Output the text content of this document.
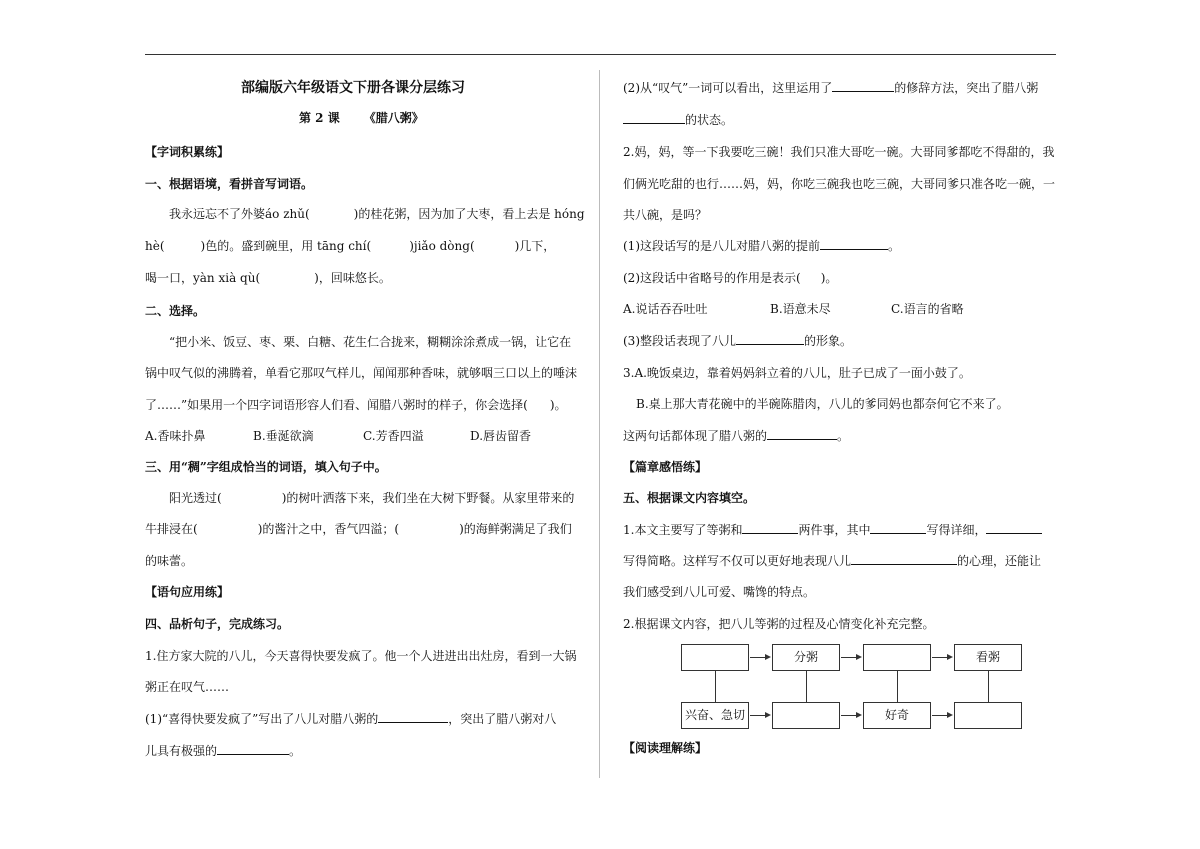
部编版六年级语文下册各课分层练习
第 2 课 《腊八粥》
【字词积累练】
一、根据语境，看拼音写词语。
我永远忘不了外婆áo zhǔ(	)的桂花粥，因为加了大枣，看上去是 hóng
hè(	)色的。盛到碗里，用 tāng chí(	)jiǎo dòng(	)几下，
喝一口，yàn xià qù(	)，回味悠长。
二、选择。
“把小米、饭豆、枣、栗、白糖、花生仁合拢来，糊糊涂涂煮成一锅，让它在
锅中叹气似的沸腾着，单看它那叹气样儿，闻闻那种香味，就够咽三口以上的唾沫
了……”如果用一个四字词语形容人们看、闻腊八粥时的样子，你会选择( )。
A.香味扑鼻	B.垂涎欲滴	C.芳香四溢	D.唇齿留香
三、用“稠”字组成恰当的词语，填入句子中。
阳光透过(	)的树叶洒落下来，我们坐在大树下野餐。从家里带来的
牛排浸在(	)的酱汁之中，香气四溢；(	)的海鲜粥满足了我们
的味蕾。
【语句应用练】
四、品析句子，完成练习。
1.住方家大院的八儿，今天喜得快要发疯了。他一个人进进出出灶房，看到一大锅
粥正在叹气……
(1)“喜得快要发疯了”写出了八儿对腊八粥的	，突出了腊八粥对八
儿具有极强的	。
(2)从“叹气”一词可以看出，这里运用了	的修辞方法，突出了腊八粥
的状态。
2.妈，妈，等一下我要吃三碗！我们只准大哥吃一碗。大哥同爹都吃不得甜的，我
们俩光吃甜的也行……妈，妈，你吃三碗我也吃三碗，大哥同爹只准各吃一碗，一
共八碗，是吗？
(1)这段话写的是八儿对腊八粥的提前	。
(2)这段话中省略号的作用是表示( )。
A.说话吞吞吐吐	B.语意未尽	C.语言的省略
(3)整段话表现了八儿	的形象。
3.A.晚饭桌边，靠着妈妈斜立着的八儿，肚子已成了一面小鼓了。
B.桌上那大青花碗中的半碗陈腊肉，八儿的爹同妈也都奈何它不来了。
这两句话都体现了腊八粥的	。
【篇章感悟练】
五、根据课文内容填空。
1.本文主要写了等粥和	两件事，其中	写得详细，
写得简略。这样写不仅可以更好地表现八儿	的心理，还能让
我们感受到八儿可爱、嘴馋的特点。
2.根据课文内容，把八儿等粥的过程及心情变化补充完整。
【阅读理解练】
分粥	看粥
兴奋、急切	好奇
